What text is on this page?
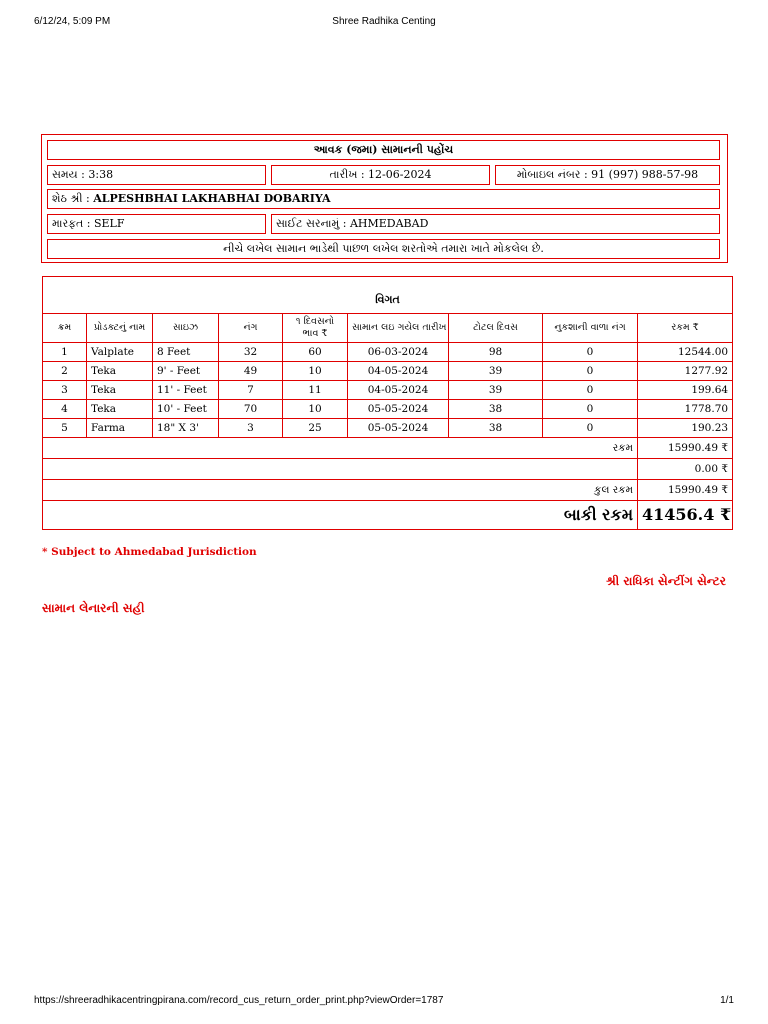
6/12/24, 5:09 PM	Shree Radhika Centing
https://shreeradhikacentringpirana.com/record_cus_return_order_print.php?viewOrder=1787	1/1
આવક (જમા) સામાનની પહોંચ
સમય : 3:38	તારીખ : 12-06-2024	મોબાઇલ નંબર : 91 (997) 988-57-98
શેઠ શ્રી : ALPESHBHAI LAKHABHAI DOBARIYA
મારફત : SELF	સાઈટ સરનામું : AHMEDABAD
નીચે લખેલ સામાન ભાડેથી પાછળ લખેલ શરતોએ તમારા ખાતે મોકલેલ છે.
વિગત								
ક્રમ	પ્રોડક્ટનું નામ	સાઇઝ	નંગ	૧ દિવસનો ભાવ ₹	સામાન લઇ ગયેલ તારીખ	ટોટલ દિવસ	નુકશાની વાળા નંગ	રકમ ₹
1	Valplate	8 Feet	32	60	06-03-2024	98	0	12544.00
2	Teka	9' - Feet	49	10	04-05-2024	39	0	1277.92
3	Teka	11' - Feet	7	11	04-05-2024	39	0	199.64
4	Teka	10' - Feet	70	10	05-05-2024	38	0	1778.70
5	Farma	18" X 3'	3	25	05-05-2024	38	0	190.23
રકમ								15990.49 ₹
								0.00 ₹
કુલ રકમ								15990.49 ₹
બાકી રકમ								41456.4 ₹
* Subject to Ahmedabad Jurisdiction
શ્રી રાધિકા સેન્ટીંગ સેન્ટર
સામાન લેનારની સહી
